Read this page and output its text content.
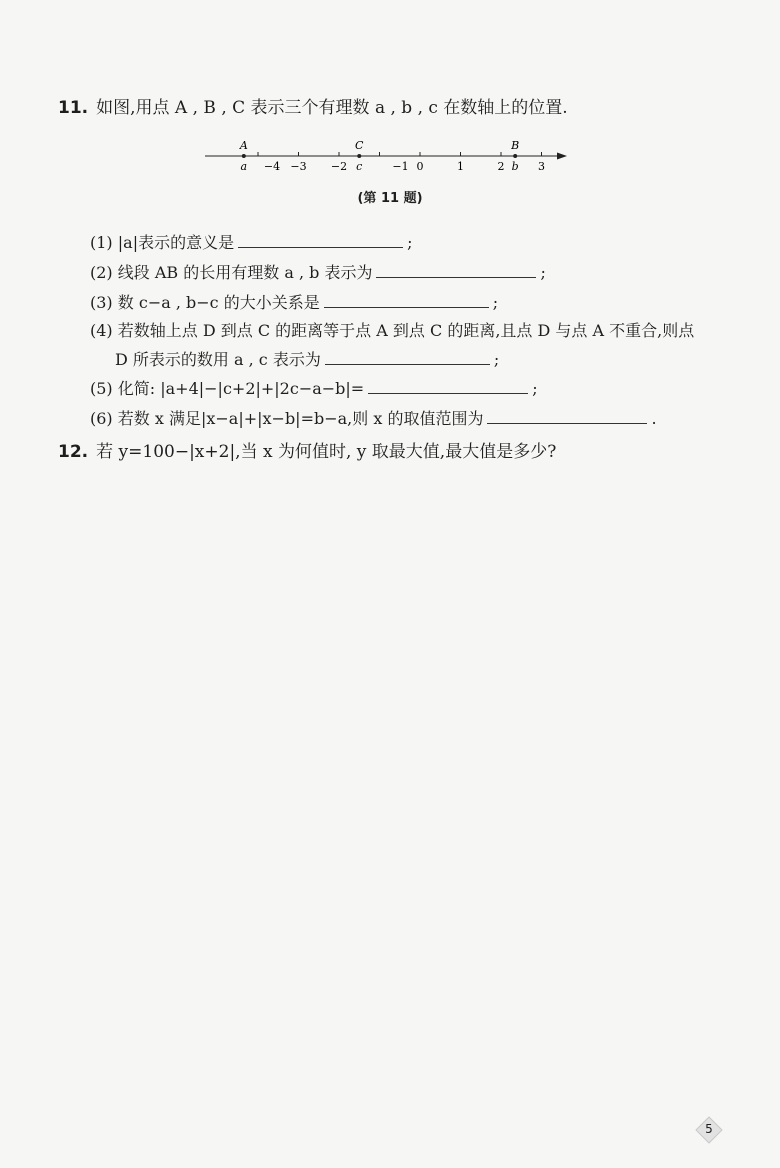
11. 如图,用点 A , B , C 表示三个有理数 a , b , c 在数轴上的位置.
−4 −3 −2	−1 0	1	2	3
A
a
C
c
B
b
(第 11 题)
(1) |a|表示的意义是	;
(2) 线段 AB 的长用有理数 a , b 表示为	;
(3) 数 c−a , b−c 的大小关系是	;
(4) 若数轴上点 D 到点 C 的距离等于点 A 到点 C 的距离,且点 D 与点 A 不重合,则点
D 所表示的数用 a , c 表示为	;
(5) 化简: |a+4|−|c+2|+|2c−a−b|=	;
(6) 若数 x 满足|x−a|+|x−b|=b−a,则 x 的取值范围为	.
12. 若 y=100−|x+2|,当 x 为何值时, y 取最大值,最大值是多少?
5
